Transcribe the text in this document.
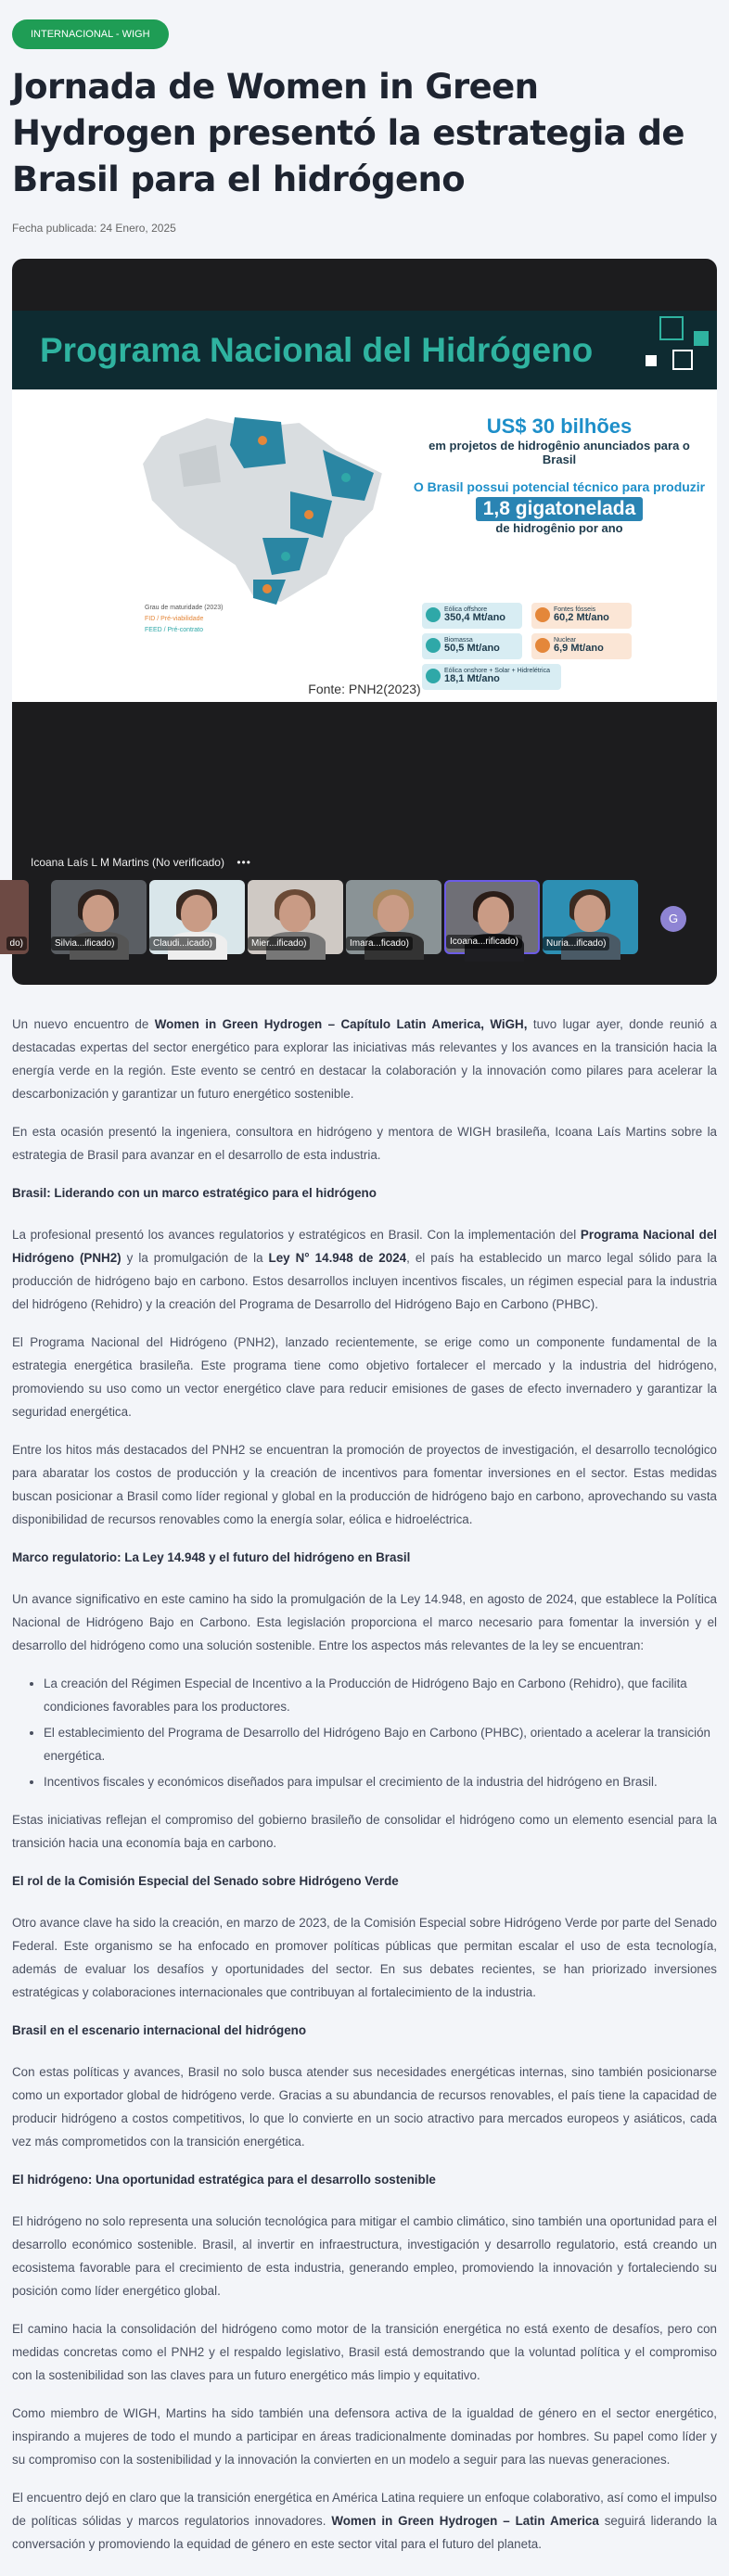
INTERNACIONAL - WIGH
Jornada de Women in Green Hydrogen presentó la estrategia de Brasil para el hidrógeno
Fecha publicada: 24 Enero, 2025
Programa Nacional del Hidrógeno
Grau de maturidade (2023)
FID / Pré-viabilidade
FEED / Pré-contrato
US$ 30 bilhões
em projetos de hidrogênio anunciados para o Brasil
O Brasil possui potencial técnico para produzir
1,8 gigatonelada
de hidrogênio por ano
Eólica offshore
350,4 Mt/ano
Fontes fósseis
60,2 Mt/ano
Biomassa
50,5 Mt/ano
Nuclear
6,9 Mt/ano
Eólica onshore + Solar + Hidrelétrica
18,1 Mt/ano
Fonte: PNH2(2023)
Icoana Laís L M Martins (No verificado) •••
do)	Silvia...ificado)	Claudi...icado)	Mier...ificado)	Imara...ficado)	Icoana...rificado)	Nuria...ificado)
G

Un nuevo encuentro de Women in Green Hydrogen – Capítulo Latin America, WiGH, tuvo lugar ayer, donde reunió a destacadas expertas del sector energético para explorar las iniciativas más relevantes y los avances en la transición hacia la energía verde en la región. Este evento se centró en destacar la colaboración y la innovación como pilares para acelerar la descarbonización y garantizar un futuro energético sostenible.

En esta ocasión presentó la ingeniera, consultora en hidrógeno y mentora de WIGH brasileña, Icoana Laís Martins sobre la estrategia de Brasil para avanzar en el desarrollo de esta industria.

Brasil: Liderando con un marco estratégico para el hidrógeno

La profesional presentó los avances regulatorios y estratégicos en Brasil. Con la implementación del Programa Nacional del Hidrógeno (PNH2) y la promulgación de la Ley N° 14.948 de 2024, el país ha establecido un marco legal sólido para la producción de hidrógeno bajo en carbono. Estos desarrollos incluyen incentivos fiscales, un régimen especial para la industria del hidrógeno (Rehidro) y la creación del Programa de Desarrollo del Hidrógeno Bajo en Carbono (PHBC).

El Programa Nacional del Hidrógeno (PNH2), lanzado recientemente, se erige como un componente fundamental de la estrategia energética brasileña. Este programa tiene como objetivo fortalecer el mercado y la industria del hidrógeno, promoviendo su uso como un vector energético clave para reducir emisiones de gases de efecto invernadero y garantizar la seguridad energética.

Entre los hitos más destacados del PNH2 se encuentran la promoción de proyectos de investigación, el desarrollo tecnológico para abaratar los costos de producción y la creación de incentivos para fomentar inversiones en el sector. Estas medidas buscan posicionar a Brasil como líder regional y global en la producción de hidrógeno bajo en carbono, aprovechando su vasta disponibilidad de recursos renovables como la energía solar, eólica e hidroeléctrica.

Marco regulatorio: La Ley 14.948 y el futuro del hidrógeno en Brasil

Un avance significativo en este camino ha sido la promulgación de la Ley 14.948, en agosto de 2024, que establece la Política Nacional de Hidrógeno Bajo en Carbono. Esta legislación proporciona el marco necesario para fomentar la inversión y el desarrollo del hidrógeno como una solución sostenible. Entre los aspectos más relevantes de la ley se encuentran:

• La creación del Régimen Especial de Incentivo a la Producción de Hidrógeno Bajo en Carbono (Rehidro), que facilita condiciones favorables para los productores.
• El establecimiento del Programa de Desarrollo del Hidrógeno Bajo en Carbono (PHBC), orientado a acelerar la transición energética.
• Incentivos fiscales y económicos diseñados para impulsar el crecimiento de la industria del hidrógeno en Brasil.

Estas iniciativas reflejan el compromiso del gobierno brasileño de consolidar el hidrógeno como un elemento esencial para la transición hacia una economía baja en carbono.

El rol de la Comisión Especial del Senado sobre Hidrógeno Verde

Otro avance clave ha sido la creación, en marzo de 2023, de la Comisión Especial sobre Hidrógeno Verde por parte del Senado Federal. Este organismo se ha enfocado en promover políticas públicas que permitan escalar el uso de esta tecnología, además de evaluar los desafíos y oportunidades del sector. En sus debates recientes, se han priorizado inversiones estratégicas y colaboraciones internacionales que contribuyan al fortalecimiento de la industria.

Brasil en el escenario internacional del hidrógeno

Con estas políticas y avances, Brasil no solo busca atender sus necesidades energéticas internas, sino también posicionarse como un exportador global de hidrógeno verde. Gracias a su abundancia de recursos renovables, el país tiene la capacidad de producir hidrógeno a costos competitivos, lo que lo convierte en un socio atractivo para mercados europeos y asiáticos, cada vez más comprometidos con la transición energética.

El hidrógeno: Una oportunidad estratégica para el desarrollo sostenible

El hidrógeno no solo representa una solución tecnológica para mitigar el cambio climático, sino también una oportunidad para el desarrollo económico sostenible. Brasil, al invertir en infraestructura, investigación y desarrollo regulatorio, está creando un ecosistema favorable para el crecimiento de esta industria, generando empleo, promoviendo la innovación y fortaleciendo su posición como líder energético global.

El camino hacia la consolidación del hidrógeno como motor de la transición energética no está exento de desafíos, pero con medidas concretas como el PNH2 y el respaldo legislativo, Brasil está demostrando que la voluntad política y el compromiso con la sostenibilidad son las claves para un futuro energético más limpio y equitativo.

Como miembro de WIGH, Martins ha sido también una defensora activa de la igualdad de género en el sector energético, inspirando a mujeres de todo el mundo a participar en áreas tradicionalmente dominadas por hombres. Su papel como líder y su compromiso con la sostenibilidad y la innovación la convierten en un modelo a seguir para las nuevas generaciones.

El encuentro dejó en claro que la transición energética en América Latina requiere un enfoque colaborativo, así como el impulso de políticas sólidas y marcos regulatorios innovadores. Women in Green Hydrogen – Latin America seguirá liderando la conversación y promoviendo la equidad de género en este sector vital para el futuro del planeta.
